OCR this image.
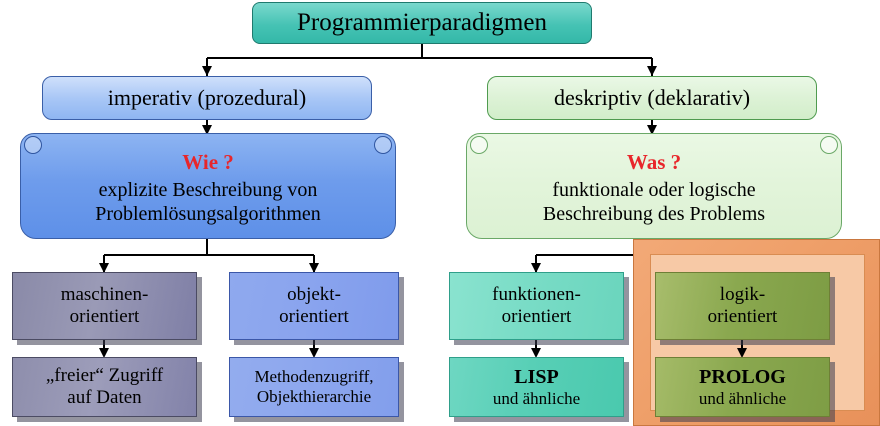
Programmierparadigmen
imperativ (prozedural)	deskriptiv (deklarativ)
Wie ?
explizite Beschreibung von
Problemlösungsalgorithmen
Was ?
funktionale oder logische
Beschreibung des Problems
maschinen-
orientiert
objekt-
orientiert
funktionen-
orientiert
logik-
orientiert
„freier“ Zugriff
auf Daten
Methodenzugriff,
Objekthierarchie
LISP
und ähnliche
PROLOG
und ähnliche
